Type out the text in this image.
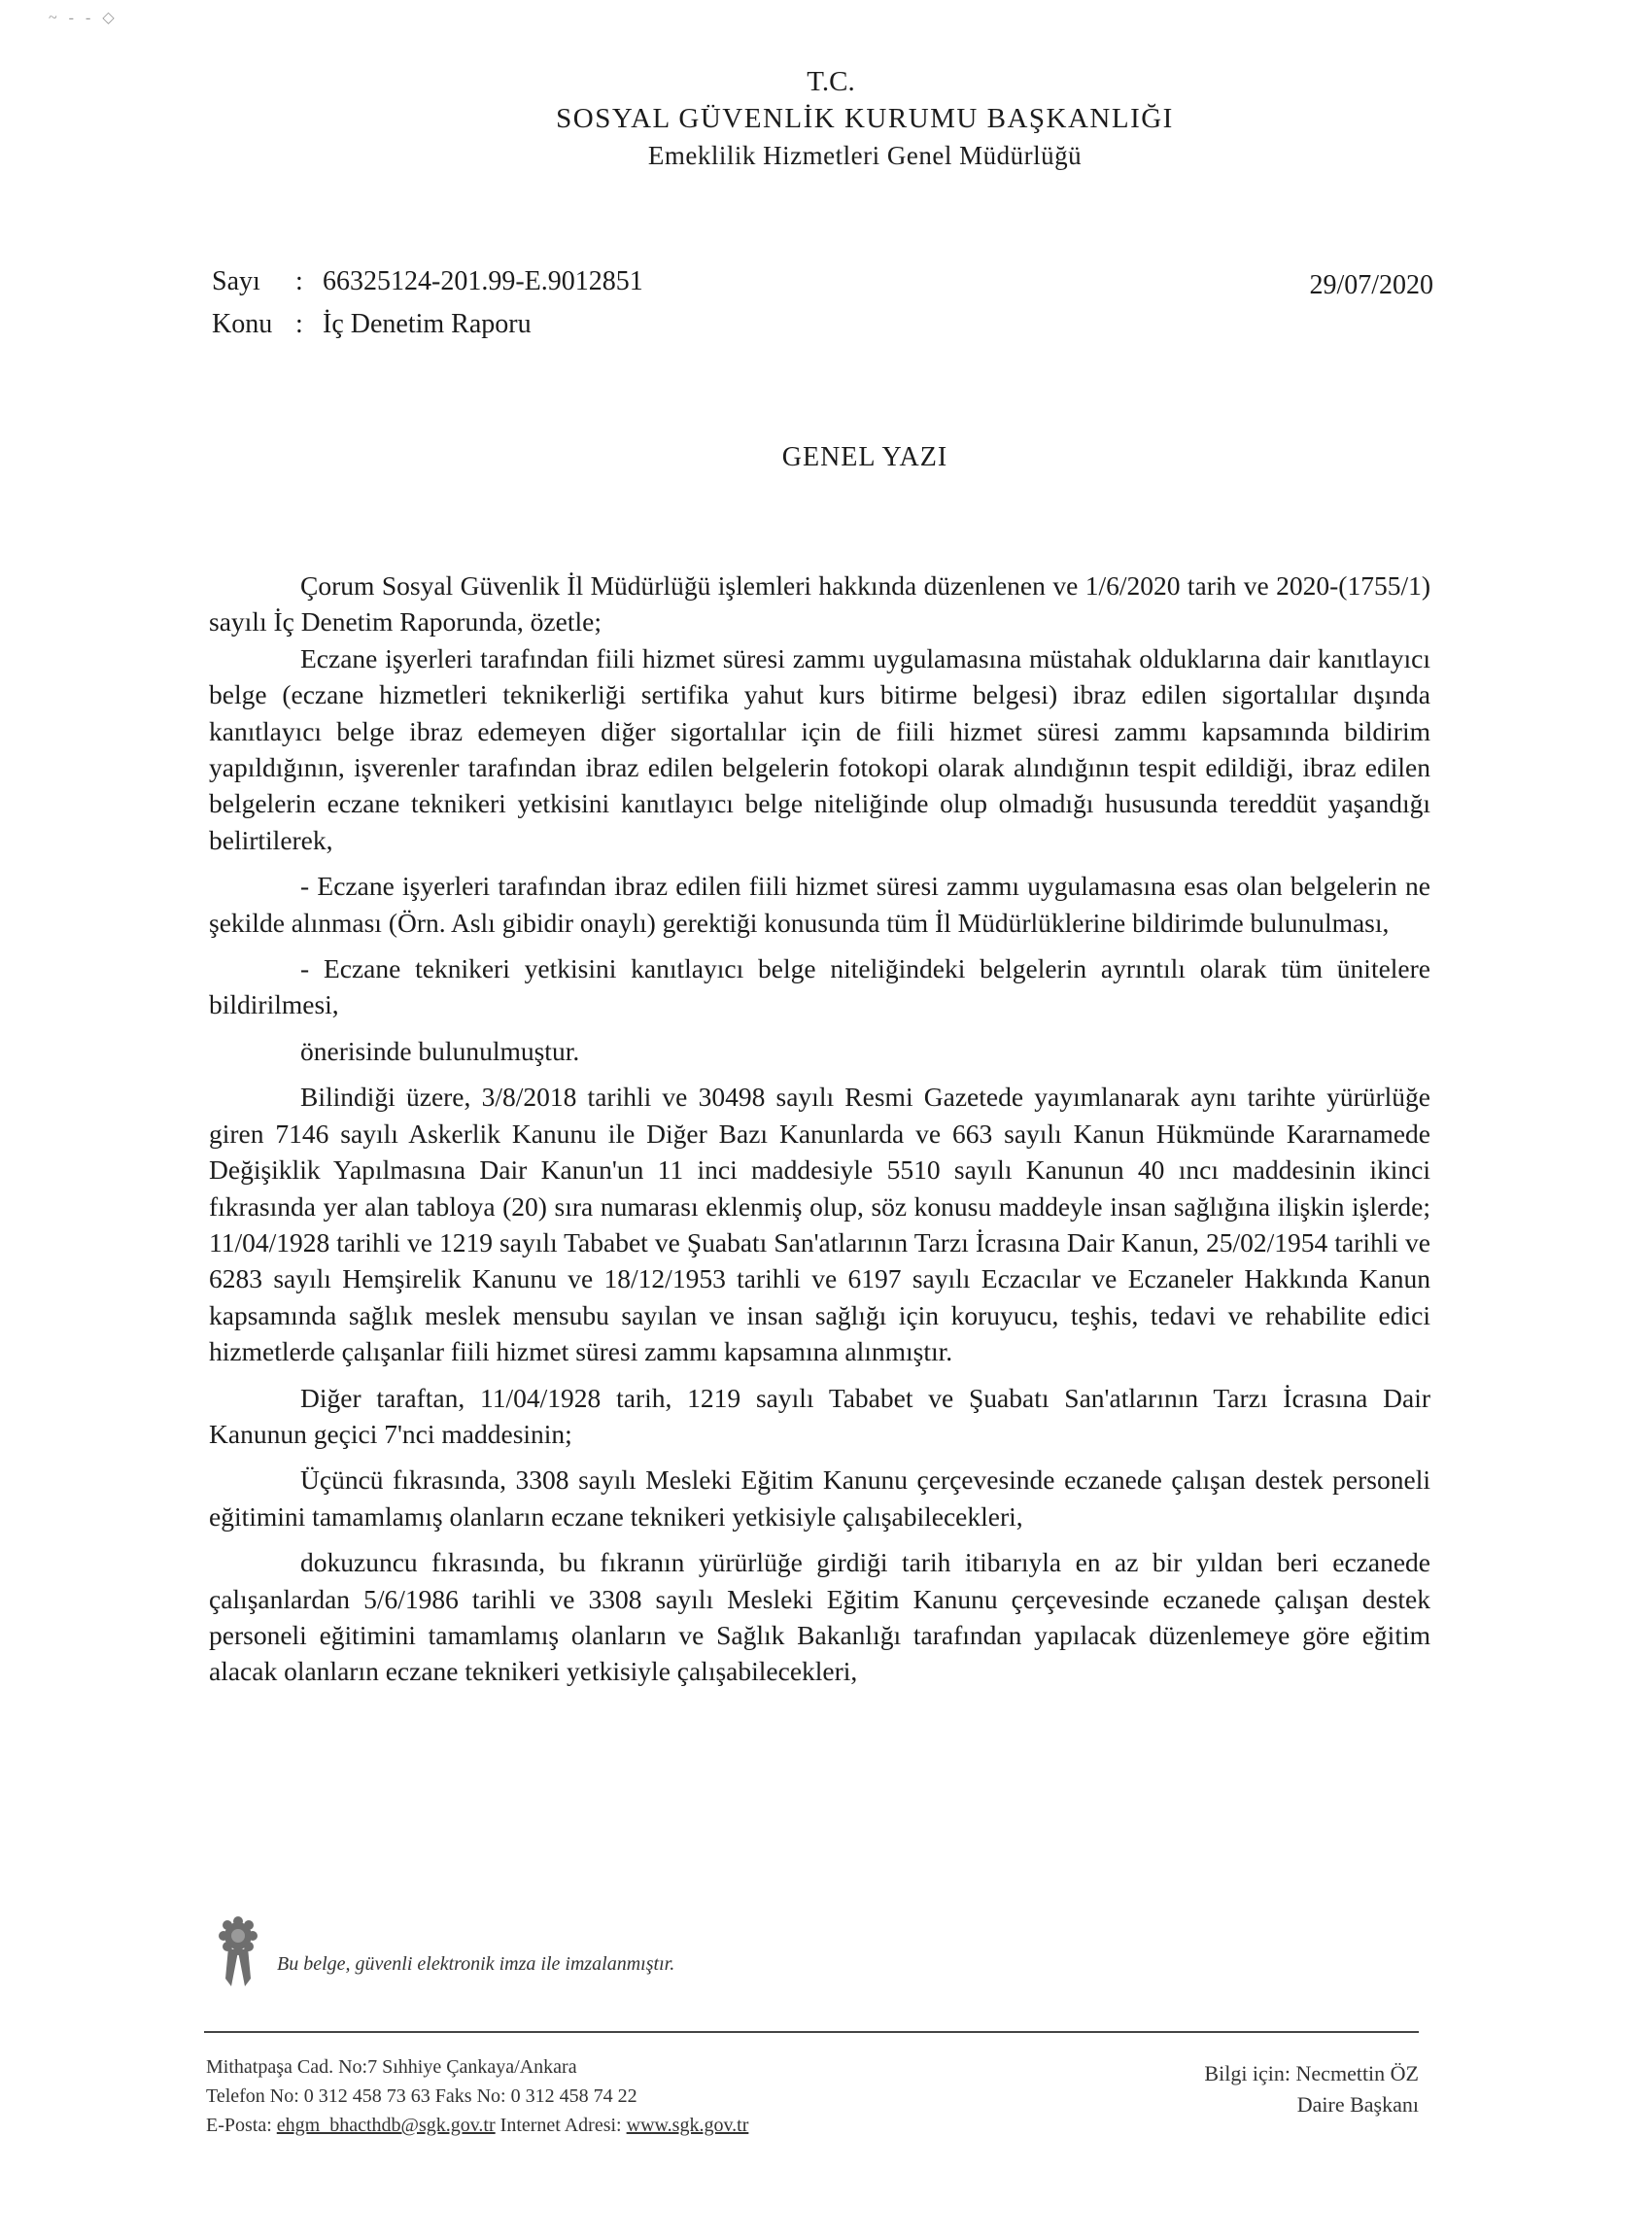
~ - - ◇
T.C.
SOSYAL GÜVENLİK KURUMU BAŞKANLIĞI
Emeklilik Hizmetleri Genel Müdürlüğü
Sayı : 66325124-201.99-E.9012851
Konu : İç Denetim Raporu
29/07/2020
GENEL YAZI

Çorum Sosyal Güvenlik İl Müdürlüğü işlemleri hakkında düzenlenen ve 1/6/2020 tarih ve 2020-(1755/1) sayılı İç Denetim Raporunda, özetle;

Eczane işyerleri tarafından fiili hizmet süresi zammı uygulamasına müstahak olduklarına dair kanıtlayıcı belge (eczane hizmetleri teknikerliği sertifika yahut kurs bitirme belgesi) ibraz edilen sigortalılar dışında kanıtlayıcı belge ibraz edemeyen diğer sigortalılar için de fiili hizmet süresi zammı kapsamında bildirim yapıldığının, işverenler tarafından ibraz edilen belgelerin fotokopi olarak alındığının tespit edildiği, ibraz edilen belgelerin eczane teknikeri yetkisini kanıtlayıcı belge niteliğinde olup olmadığı hususunda tereddüt yaşandığı belirtilerek,

- Eczane işyerleri tarafından ibraz edilen fiili hizmet süresi zammı uygulamasına esas olan belgelerin ne şekilde alınması (Örn. Aslı gibidir onaylı) gerektiği konusunda tüm İl Müdürlüklerine bildirimde bulunulması,

- Eczane teknikeri yetkisini kanıtlayıcı belge niteliğindeki belgelerin ayrıntılı olarak tüm ünitelere bildirilmesi,

önerisinde bulunulmuştur.

Bilindiği üzere, 3/8/2018 tarihli ve 30498 sayılı Resmi Gazetede yayımlanarak aynı tarihte yürürlüğe giren 7146 sayılı Askerlik Kanunu ile Diğer Bazı Kanunlarda ve 663 sayılı Kanun Hükmünde Kararnamede Değişiklik Yapılmasına Dair Kanun'un 11 inci maddesiyle 5510 sayılı Kanunun 40 ıncı maddesinin ikinci fıkrasında yer alan tabloya (20) sıra numarası eklenmiş olup, söz konusu maddeyle insan sağlığına ilişkin işlerde; 11/04/1928 tarihli ve 1219 sayılı Tababet ve Şuabatı San'atlarının Tarzı İcrasına Dair Kanun, 25/02/1954 tarihli ve 6283 sayılı Hemşirelik Kanunu ve 18/12/1953 tarihli ve 6197 sayılı Eczacılar ve Eczaneler Hakkında Kanun kapsamında sağlık meslek mensubu sayılan ve insan sağlığı için koruyucu, teşhis, tedavi ve rehabilite edici hizmetlerde çalışanlar fiili hizmet süresi zammı kapsamına alınmıştır.

Diğer taraftan, 11/04/1928 tarih, 1219 sayılı Tababet ve Şuabatı San'atlarının Tarzı İcrasına Dair Kanunun geçici 7'nci maddesinin;

Üçüncü fıkrasında, 3308 sayılı Mesleki Eğitim Kanunu çerçevesinde eczanede çalışan destek personeli eğitimini tamamlamış olanların eczane teknikeri yetkisiyle çalışabilecekleri,

dokuzuncu fıkrasında, bu fıkranın yürürlüğe girdiği tarih itibarıyla en az bir yıldan beri eczanede çalışanlardan 5/6/1986 tarihli ve 3308 sayılı Mesleki Eğitim Kanunu çerçevesinde eczanede çalışan destek personeli eğitimini tamamlamış olanların ve Sağlık Bakanlığı tarafından yapılacak düzenlemeye göre eğitim alacak olanların eczane teknikeri yetkisiyle çalışabilecekleri,

Bu belge, güvenli elektronik imza ile imzalanmıştır.
Mithatpaşa Cad. No:7 Sıhhiye Çankaya/Ankara
Telefon No: 0 312 458 73 63 Faks No: 0 312 458 74 22
E-Posta: ehgm_bhacthdb@sgk.gov.tr Internet Adresi: www.sgk.gov.tr
Bilgi için: Necmettin ÖZ
Daire Başkanı
